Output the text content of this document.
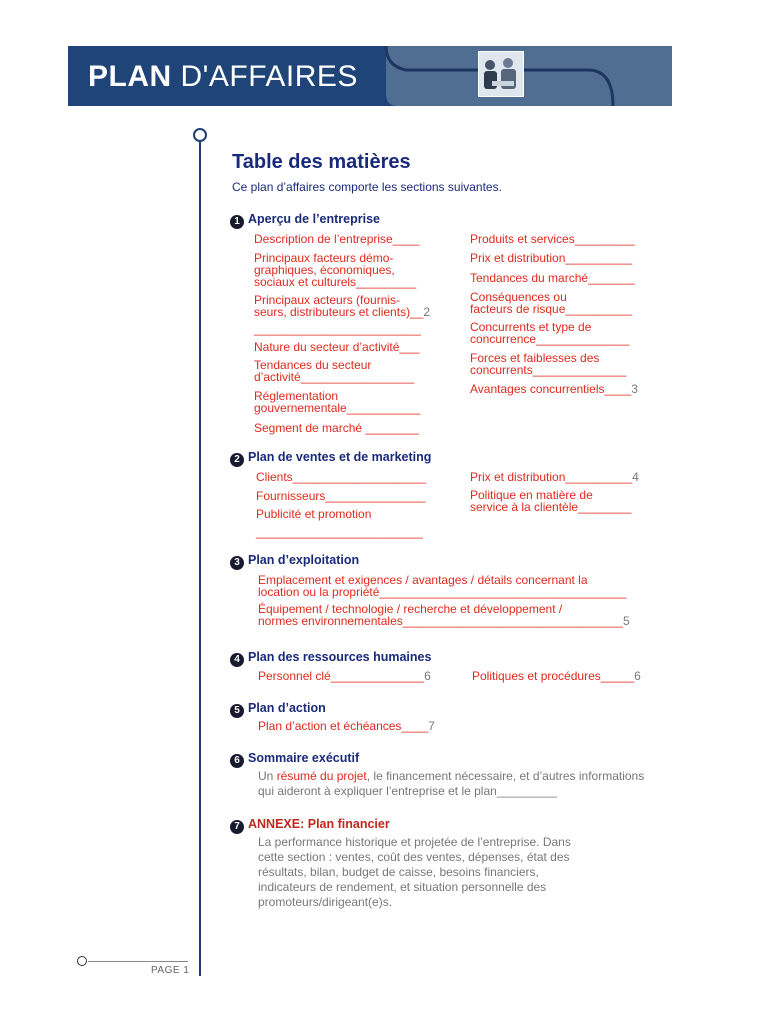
PLAN D'AFFAIRES
Table des matières
Ce plan d’affaires comporte les sections suivantes.
1 Aperçu de l’entreprise
Description de l’entreprise____
Principaux facteurs démo-
graphiques, économiques,
sociaux et culturels_________
Principaux acteurs (fournis-
seurs, distributeurs et clients)__2
_________________________
Nature du secteur d’activité___
Tendances du secteur
d’activité_________________
Réglementation
gouvernementale___________
Segment de marché ________
Produits et services_________
Prix et distribution__________
Tendances du marché_______
Conséquences ou
facteurs de risque__________
Concurrents et type de
concurrence______________
Forces et faiblesses des
concurrents______________
Avantages concurrentiels____3
2 Plan de ventes et de marketing
Clients____________________
Fournisseurs_______________
Publicité et promotion
_________________________
Prix et distribution__________4
Politique en matière de
service à la clientèle________
3 Plan d’exploitation
Emplacement et exigences / avantages / détails concernant la
location ou la propriété_____________________________________
Équipement / technologie / recherche et développement /
normes environnementales_________________________________5
4 Plan des ressources humaines
Personnel clé______________6	Politiques et procédures_____6
5 Plan d’action
Plan d’action et échéances____7
6 Sommaire exécutif
Un résumé du projet, le financement nécessaire, et d’autres informations qui aideront à expliquer l’entreprise et le plan_________
7 ANNEXE: Plan financier
La performance historique et projetée de l’entreprise. Dans cette section : ventes, coût des ventes, dépenses, état des résultats, bilan, budget de caisse, besoins financiers, indicateurs de rendement, et situation personnelle des promoteurs/dirigeant(e)s.
PAGE 1
